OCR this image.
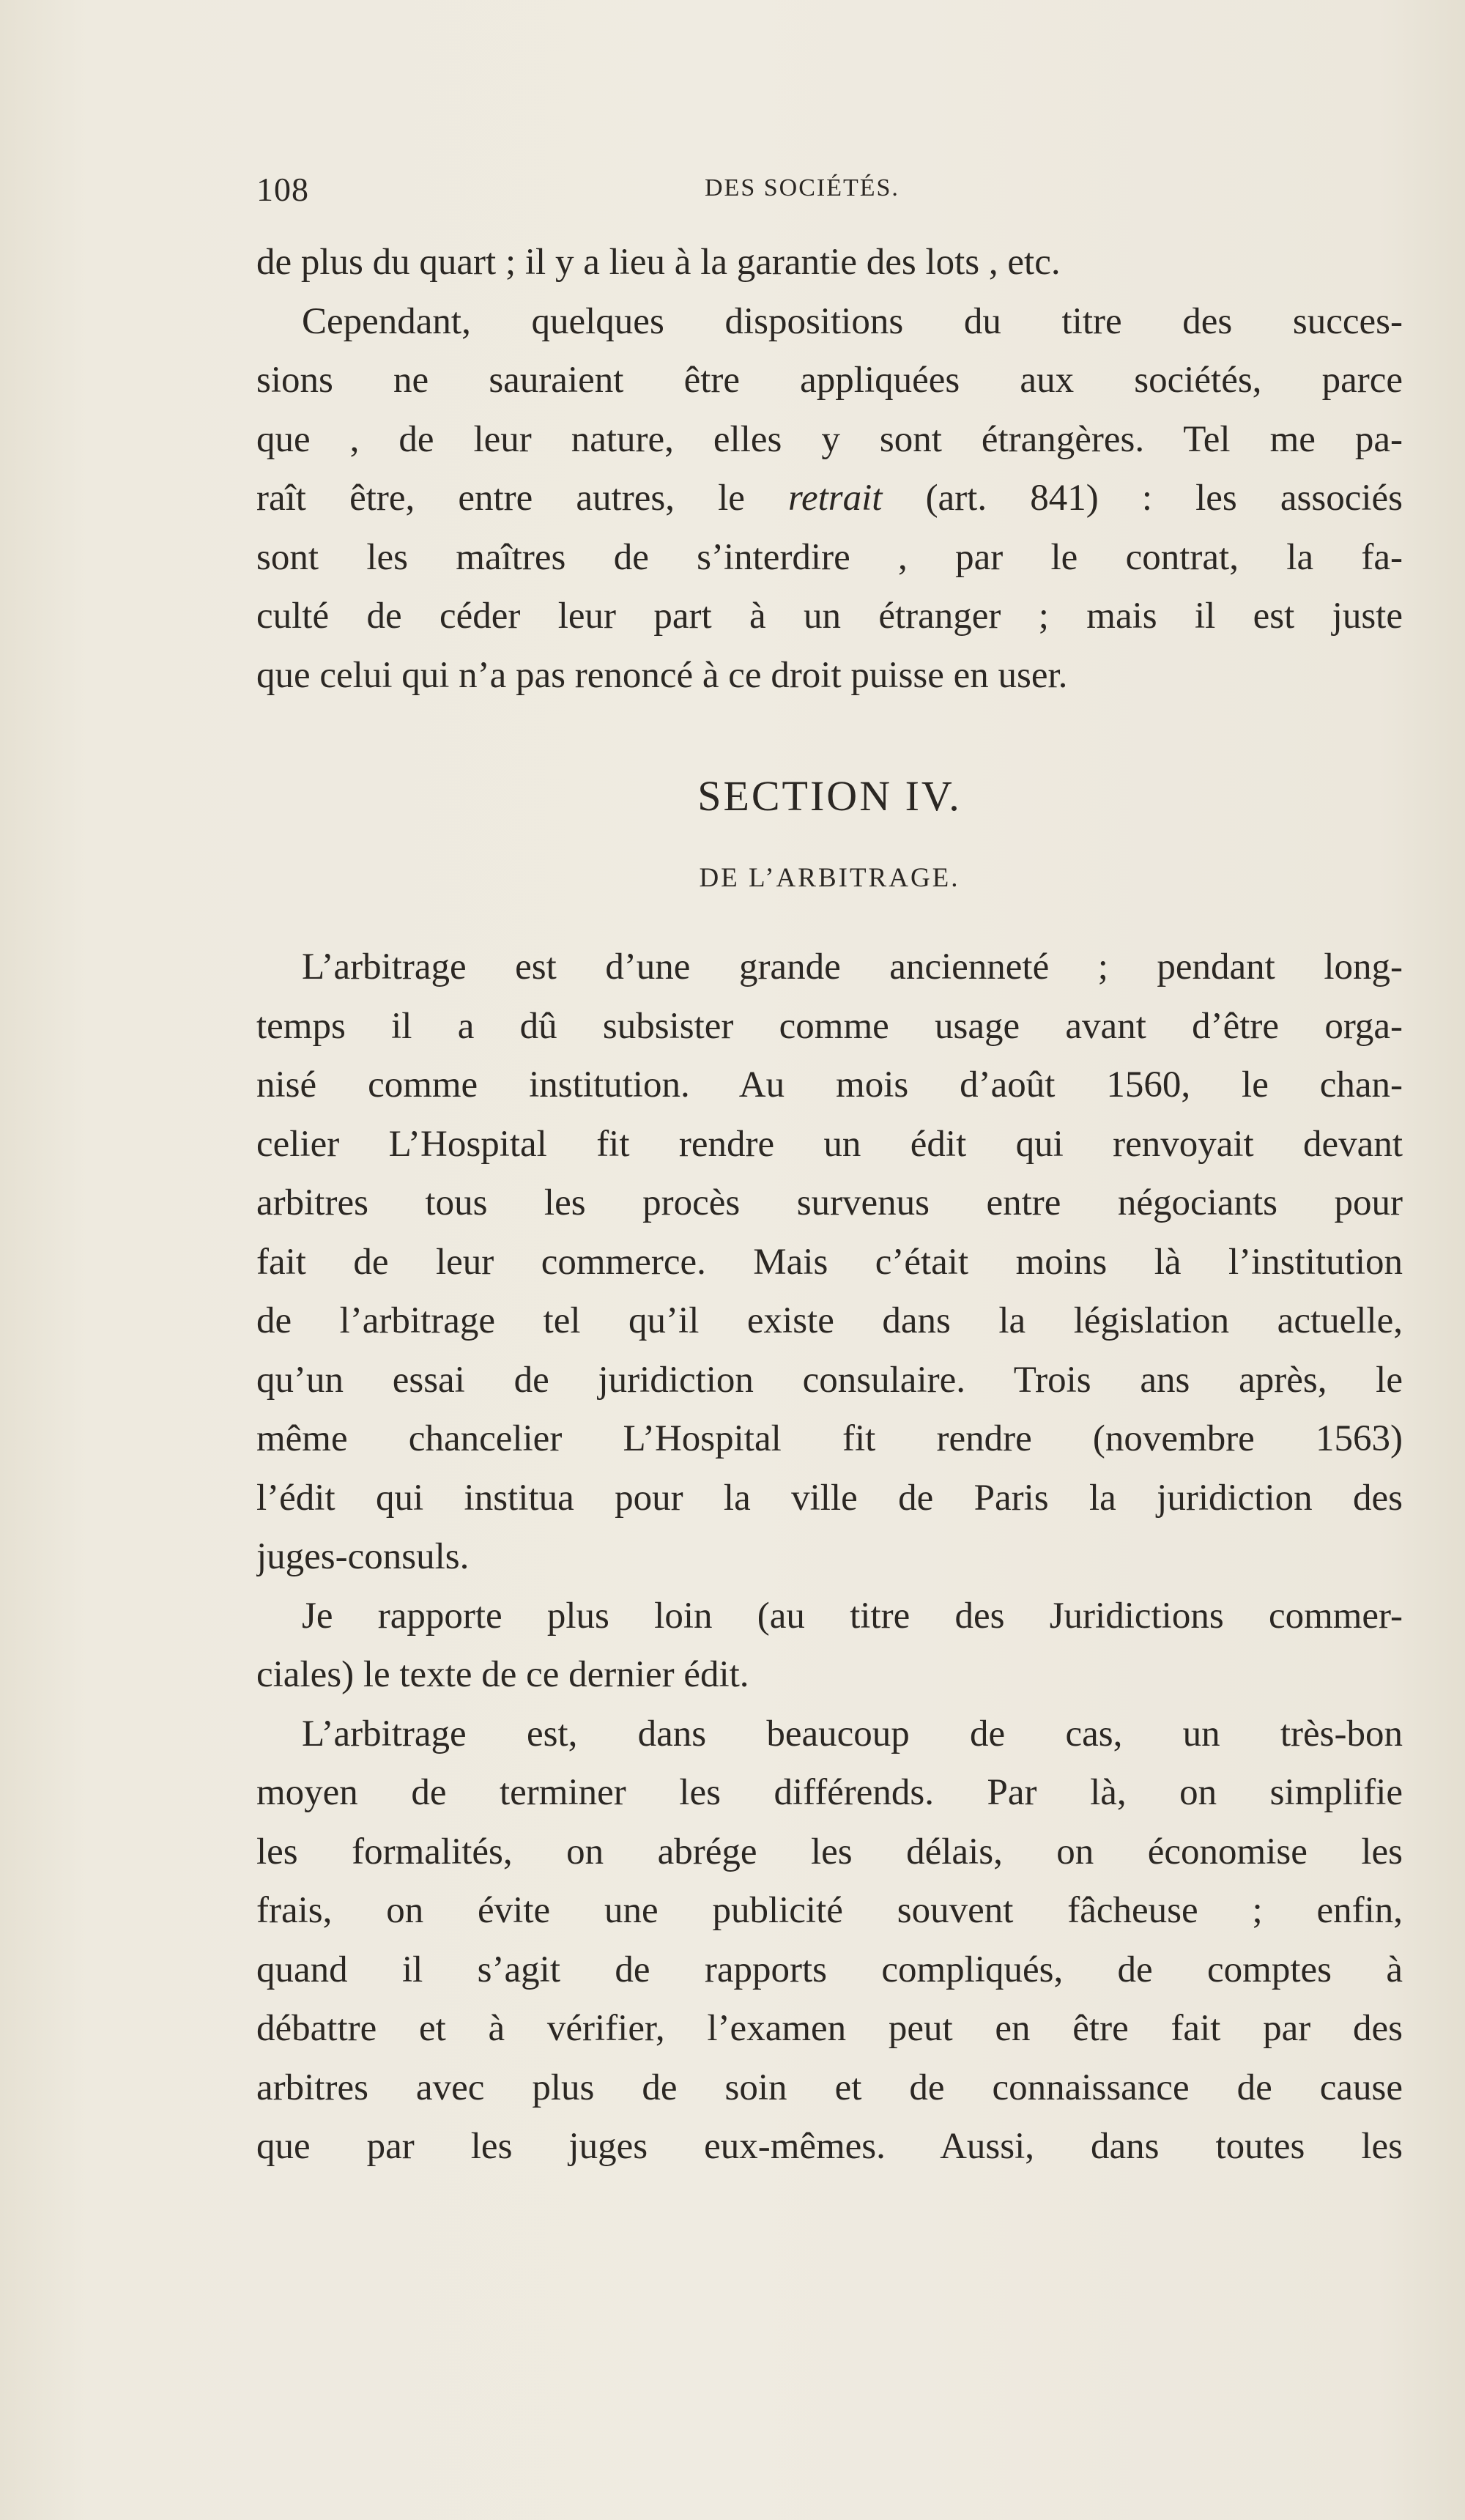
108	DES SOCIÉTÉS.
de plus du quart ; il y a lieu à la garantie des lots , etc.
Cependant, quelques dispositions du titre des succes-
sions ne sauraient être appliquées aux sociétés, parce
que , de leur nature, elles y sont étrangères. Tel me pa-
raît être, entre autres, le retrait (art. 841) : les associés
sont les maîtres de s’interdire , par le contrat, la fa-
culté de céder leur part à un étranger ; mais il est juste
que celui qui n’a pas renoncé à ce droit puisse en user.
SECTION IV.
DE L’ARBITRAGE.
L’arbitrage est d’une grande ancienneté ; pendant long-
temps il a dû subsister comme usage avant d’être orga-
nisé comme institution. Au mois d’août 1560, le chan-
celier L’Hospital fit rendre un édit qui renvoyait devant
arbitres tous les procès survenus entre négociants pour
fait de leur commerce. Mais c’était moins là l’institution
de l’arbitrage tel qu’il existe dans la législation actuelle,
qu’un essai de juridiction consulaire. Trois ans après, le
même chancelier L’Hospital fit rendre (novembre 1563)
l’édit qui institua pour la ville de Paris la juridiction des
juges-consuls.
Je rapporte plus loin (au titre des Juridictions commer-
ciales) le texte de ce dernier édit.
L’arbitrage est, dans beaucoup de cas, un très-bon
moyen de terminer les différends. Par là, on simplifie
les formalités, on abrége les délais, on économise les
frais, on évite une publicité souvent fâcheuse ; enfin,
quand il s’agit de rapports compliqués, de comptes à
débattre et à vérifier, l’examen peut en être fait par des
arbitres avec plus de soin et de connaissance de cause
que par les juges eux-mêmes. Aussi, dans toutes les
